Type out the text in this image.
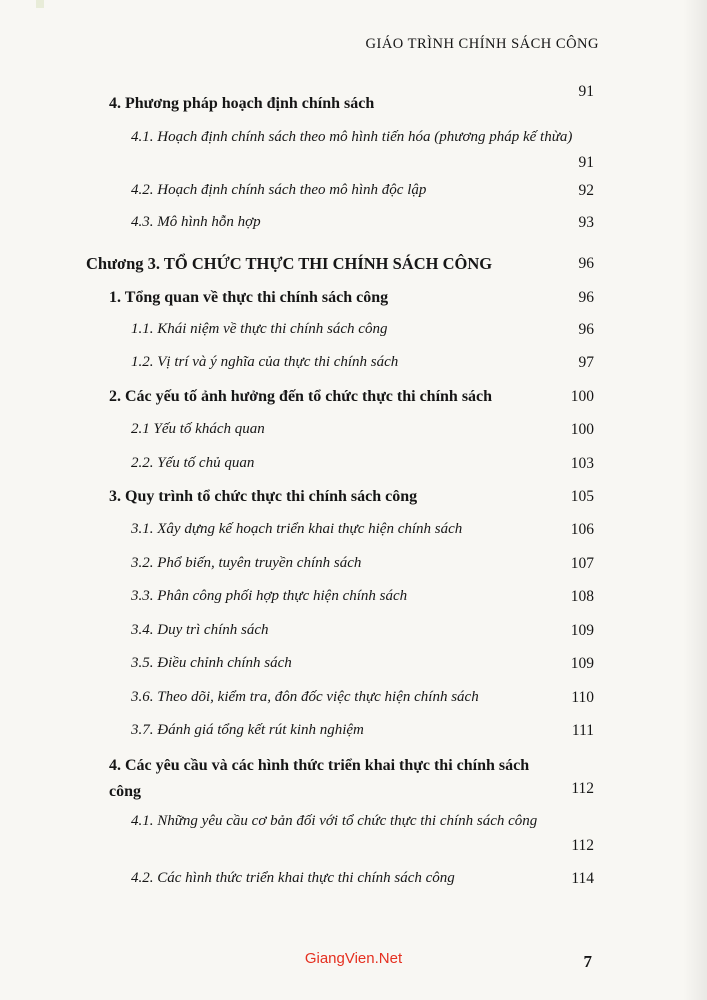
GIÁO TRÌNH CHÍNH SÁCH CÔNG
4. Phương pháp hoạch định chính sách
91
4.1. Hoạch định chính sách theo mô hình tiến hóa (phương pháp kế thừa)
91
4.2. Hoạch định chính sách theo mô hình độc lập	92
4.3. Mô hình hỗn hợp	93
Chương 3. TỔ CHỨC THỰC THI CHÍNH SÁCH CÔNG	96
1. Tổng quan về thực thi chính sách công	96
1.1. Khái niệm về thực thi chính sách công	96
1.2. Vị trí và ý nghĩa của thực thi chính sách	97
2. Các yếu tố ảnh hưởng đến tổ chức thực thi chính sách	100
2.1 Yếu tố khách quan	100
2.2. Yếu tố chủ quan	103
3. Quy trình tổ chức thực thi chính sách công	105
3.1. Xây dựng kế hoạch triển khai thực hiện chính sách	106
3.2. Phổ biến, tuyên truyền chính sách	107
3.3. Phân công phối hợp thực hiện chính sách	108
3.4. Duy trì chính sách	109
3.5. Điều chỉnh chính sách	109
3.6. Theo dõi, kiểm tra, đôn đốc việc thực hiện chính sách	110
3.7. Đánh giá tổng kết rút kinh nghiệm	111
4. Các yêu cầu và các hình thức triển khai thực thi chính sách công	112
4.1. Những yêu cầu cơ bản đối với tổ chức thực thi chính sách công
112
4.2. Các hình thức triển khai thực thi chính sách công	114
GiangVien.Net	7
